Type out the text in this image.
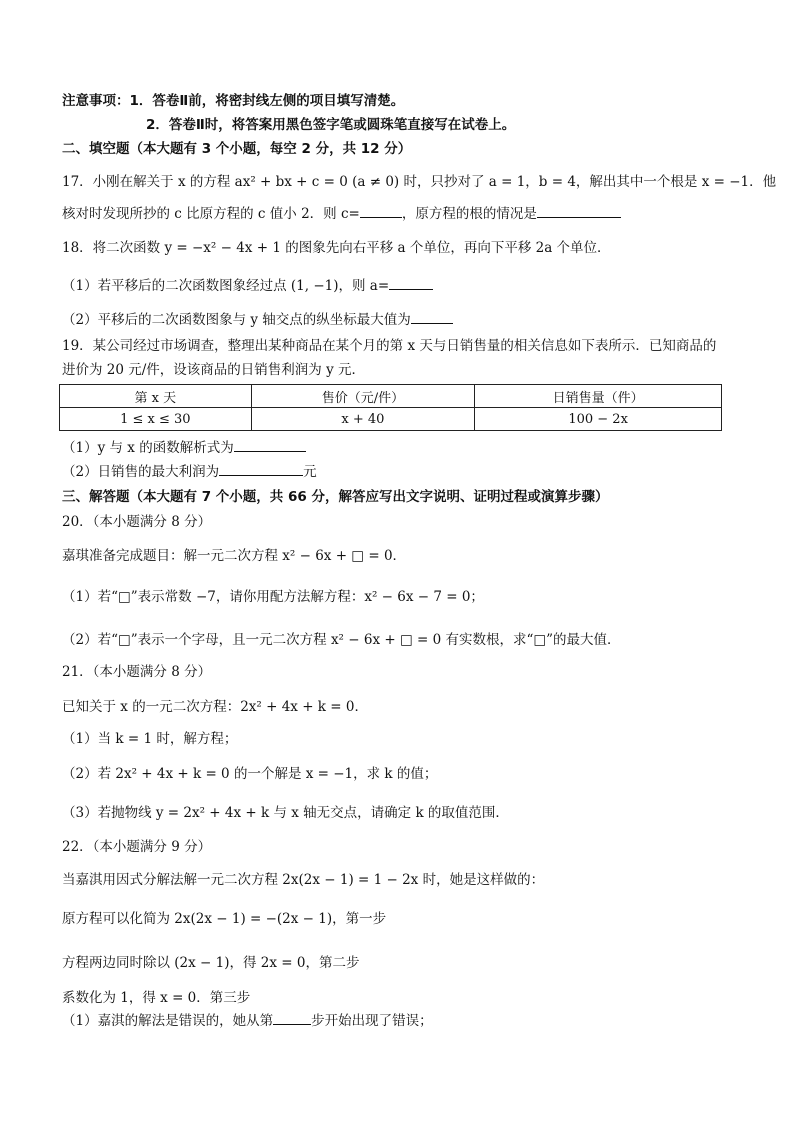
注意事项：1．答卷Ⅱ前，将密封线左侧的项目填写清楚。
2．答卷Ⅱ时，将答案用黑色签字笔或圆珠笔直接写在试卷上。
二、填空题（本大题有 3 个小题，每空 2 分，共 12 分）
17．小刚在解关于 x 的方程 ax² + bx + c = 0 (a ≠ 0) 时，只抄对了 a = 1，b = 4，解出其中一个根是 x = −1．他
核对时发现所抄的 c 比原方程的 c 值小 2．则 c=	，原方程的根的情况是
18．将二次函数 y = −x² − 4x + 1 的图象先向右平移 a 个单位，再向下平移 2a 个单位．
（1）若平移后的二次函数图象经过点 (1, −1)，则 a=
（2）平移后的二次函数图象与 y 轴交点的纵坐标最大值为
19．某公司经过市场调查，整理出某种商品在某个月的第 x 天与日销售量的相关信息如下表所示．已知商品的
进价为 20 元/件，设该商品的日销售利润为 y 元．
第 x 天	售价（元/件）	日销售量（件）
1 ≤ x ≤ 30	x + 40	100 − 2x
（1）y 与 x 的函数解析式为
（2）日销售的最大利润为	元
三、解答题（本大题有 7 个小题，共 66 分，解答应写出文字说明、证明过程或演算步骤）
20．（本小题满分 8 分）
嘉琪准备完成题目：解一元二次方程 x² − 6x + □ = 0．
（1）若“□”表示常数 −7，请你用配方法解方程：x² − 6x − 7 = 0；
（2）若“□”表示一个字母，且一元二次方程 x² − 6x + □ = 0 有实数根，求“□”的最大值．
21．（本小题满分 8 分）
已知关于 x 的一元二次方程：2x² + 4x + k = 0．
（1）当 k = 1 时，解方程；
（2）若 2x² + 4x + k = 0 的一个解是 x = −1，求 k 的值；
（3）若抛物线 y = 2x² + 4x + k 与 x 轴无交点，请确定 k 的取值范围．
22．（本小题满分 9 分）
当嘉淇用因式分解法解一元二次方程 2x(2x − 1) = 1 − 2x 时，她是这样做的：
原方程可以化简为 2x(2x − 1) = −(2x − 1)，第一步
方程两边同时除以 (2x − 1)，得 2x = 0，第二步
系数化为 1，得 x = 0．第三步
（1）嘉淇的解法是错误的，她从第	步开始出现了错误；
